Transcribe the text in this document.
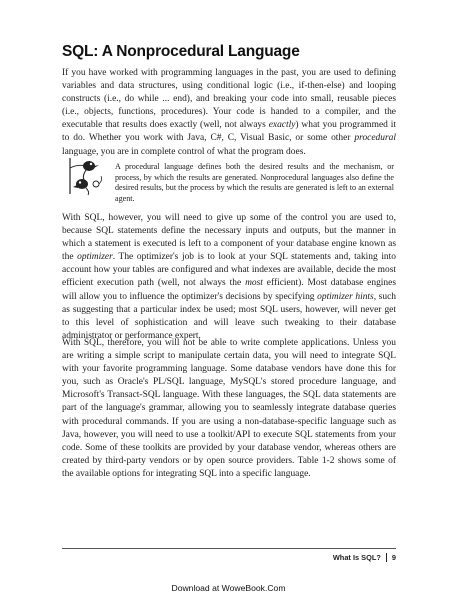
SQL: A Nonprocedural Language

If you have worked with programming languages in the past, you are used to defining variables and data structures, using conditional logic (i.e., if-then-else) and looping constructs (i.e., do while ... end), and breaking your code into small, reusable pieces (i.e., objects, functions, procedures). Your code is handed to a compiler, and the executable that results does exactly (well, not always exactly) what you programmed it to do. Whether you work with Java, C#, C, Visual Basic, or some other procedural language, you are in complete control of what the program does.

A procedural language defines both the desired results and the mechanism, or process, by which the results are generated. Nonprocedural languages also define the desired results, but the process by which the results are generated is left to an external agent.

With SQL, however, you will need to give up some of the control you are used to, because SQL statements define the necessary inputs and outputs, but the manner in which a statement is executed is left to a component of your database engine known as the optimizer. The optimizer's job is to look at your SQL statements and, taking into account how your tables are configured and what indexes are available, decide the most efficient execution path (well, not always the most efficient). Most database engines will allow you to influence the optimizer's decisions by specifying optimizer hints, such as suggesting that a particular index be used; most SQL users, however, will never get to this level of sophistication and will leave such tweaking to their database administrator or performance expert.

With SQL, therefore, you will not be able to write complete applications. Unless you are writing a simple script to manipulate certain data, you will need to integrate SQL with your favorite programming language. Some database vendors have done this for you, such as Oracle's PL/SQL language, MySQL's stored procedure language, and Microsoft's Transact-SQL language. With these languages, the SQL data statements are part of the language's grammar, allowing you to seamlessly integrate database queries with procedural commands. If you are using a non-database-specific language such as Java, however, you will need to use a toolkit/API to execute SQL statements from your code. Some of these toolkits are provided by your database vendor, whereas others are created by third-party vendors or by open source providers. Table 1-2 shows some of the available options for integrating SQL into a specific language.

What Is SQL? 9
Download at WoweBook.Com
